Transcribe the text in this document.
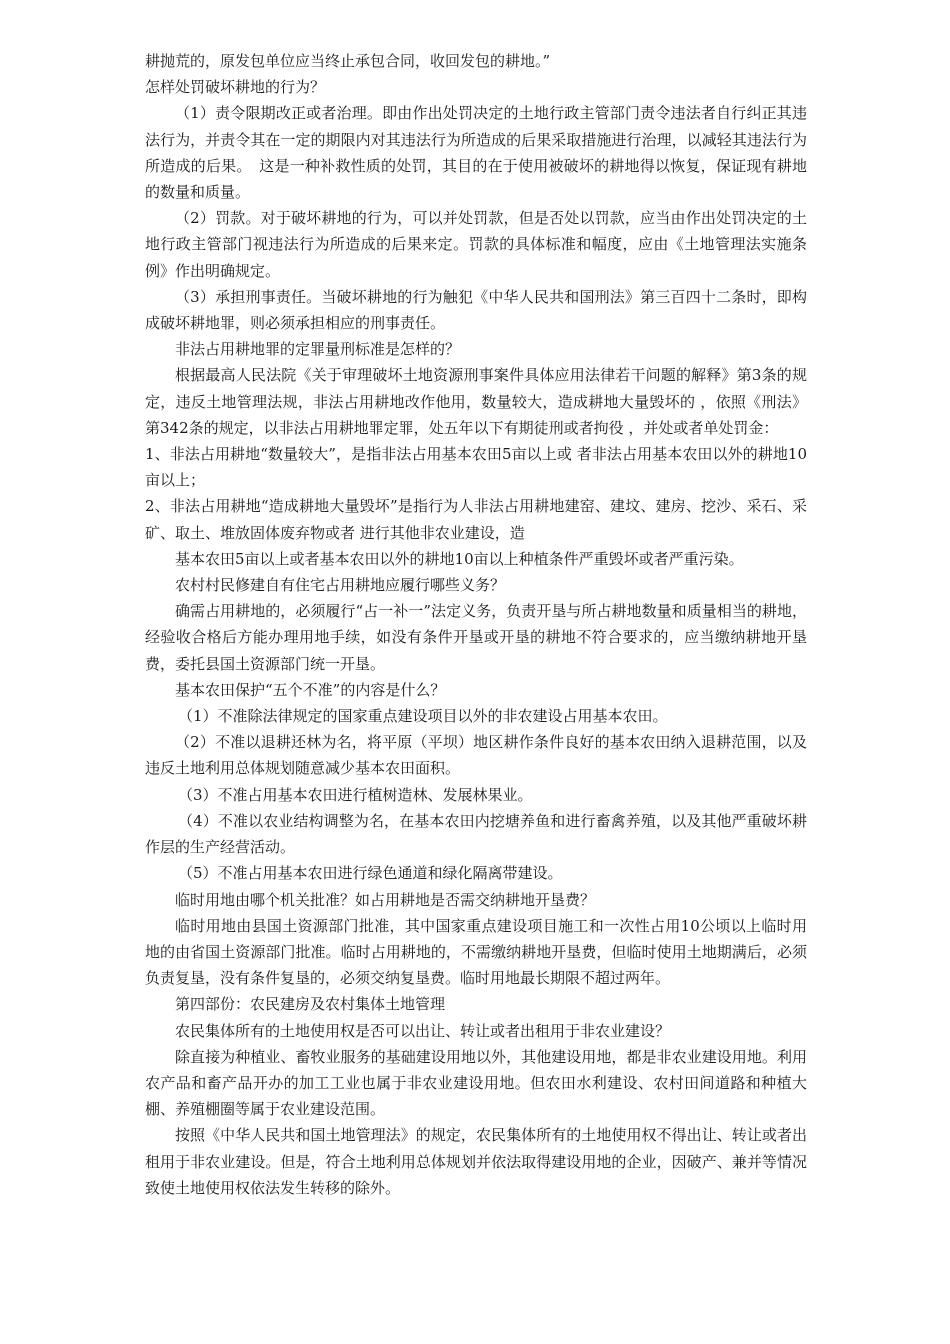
耕抛荒的，原发包单位应当终止承包合同，收回发包的耕地。”

怎样处罚破坏耕地的行为？

（1）责令限期改正或者治理。即由作出处罚决定的土地行政主管部门责令违法者自行纠正其违法行为，并责令其在一定的期限内对其违法行为所造成的后果采取措施进行治理，以减轻其违法行为所造成的后果。　这是一种补救性质的处罚，其目的在于使用被破坏的耕地得以恢复，保证现有耕地的数量和质量。

（2）罚款。对于破坏耕地的行为，可以并处罚款，但是否处以罚款，应当由作出处罚决定的土地行政主管部门视违法行为所造成的后果来定。罚款的具体标准和幅度，应由《土地管理法实施条例》作出明确规定。

（3）承担刑事责任。当破坏耕地的行为触犯《中华人民共和国刑法》第三百四十二条时，即构成破坏耕地罪，则必须承担相应的刑事责任。

非法占用耕地罪的定罪量刑标准是怎样的？

根据最高人民法院《关于审理破坏土地资源刑事案件具体应用法律若干问题的解释》第3条的规定，违反土地管理法规，非法占用耕地改作他用，数量较大，造成耕地大量毁坏的 ，依照《刑法》第342条的规定，以非法占用耕地罪定罪，处五年以下有期徒刑或者拘役 ，并处或者单处罚金：

1、非法占用耕地“数量较大”，是指非法占用基本农田5亩以上或 者非法占用基本农田以外的耕地10亩以上；

2、非法占用耕地“造成耕地大量毁坏”是指行为人非法占用耕地建窑、建坟、建房、挖沙、采石、采矿、取土、堆放固体废弃物或者 进行其他非农业建设，造

基本农田5亩以上或者基本农田以外的耕地10亩以上种植条件严重毁坏或者严重污染。

农村村民修建自有住宅占用耕地应履行哪些义务？

确需占用耕地的，必须履行“占一补一”法定义务，负责开垦与所占耕地数量和质量相当的耕地，经验收合格后方能办理用地手续，如没有条件开垦或开垦的耕地不符合要求的，应当缴纳耕地开垦费，委托县国土资源部门统一开垦。

基本农田保护“五个不准”的内容是什么？

（1）不准除法律规定的国家重点建设项目以外的非农建设占用基本农田。

（2）不准以退耕还林为名，将平原（平坝）地区耕作条件良好的基本农田纳入退耕范围，以及违反土地利用总体规划随意减少基本农田面积。

（3）不准占用基本农田进行植树造林、发展林果业。

（4）不准以农业结构调整为名，在基本农田内挖塘养鱼和进行畜禽养殖，以及其他严重破坏耕作层的生产经营活动。

（5）不准占用基本农田进行绿色通道和绿化隔离带建设。

临时用地由哪个机关批准？如占用耕地是否需交纳耕地开垦费？

临时用地由县国土资源部门批准，其中国家重点建设项目施工和一次性占用10公顷以上临时用地的由省国土资源部门批准。临时占用耕地的，不需缴纳耕地开垦费，但临时使用土地期满后，必须负责复垦，没有条件复垦的，必须交纳复垦费。临时用地最长期限不超过两年。

第四部份：农民建房及农村集体土地管理

农民集体所有的土地使用权是否可以出让、转让或者出租用于非农业建设？

除直接为种植业、畜牧业服务的基础建设用地以外，其他建设用地，都是非农业建设用地。利用农产品和畜产品开办的加工工业也属于非农业建设用地。但农田水利建设、农村田间道路和种植大棚、养殖棚圈等属于农业建设范围。

按照《中华人民共和国土地管理法》的规定，农民集体所有的土地使用权不得出让、转让或者出租用于非农业建设。但是，符合土地利用总体规划并依法取得建设用地的企业，因破产、兼并等情况致使土地使用权依法发生转移的除外。
